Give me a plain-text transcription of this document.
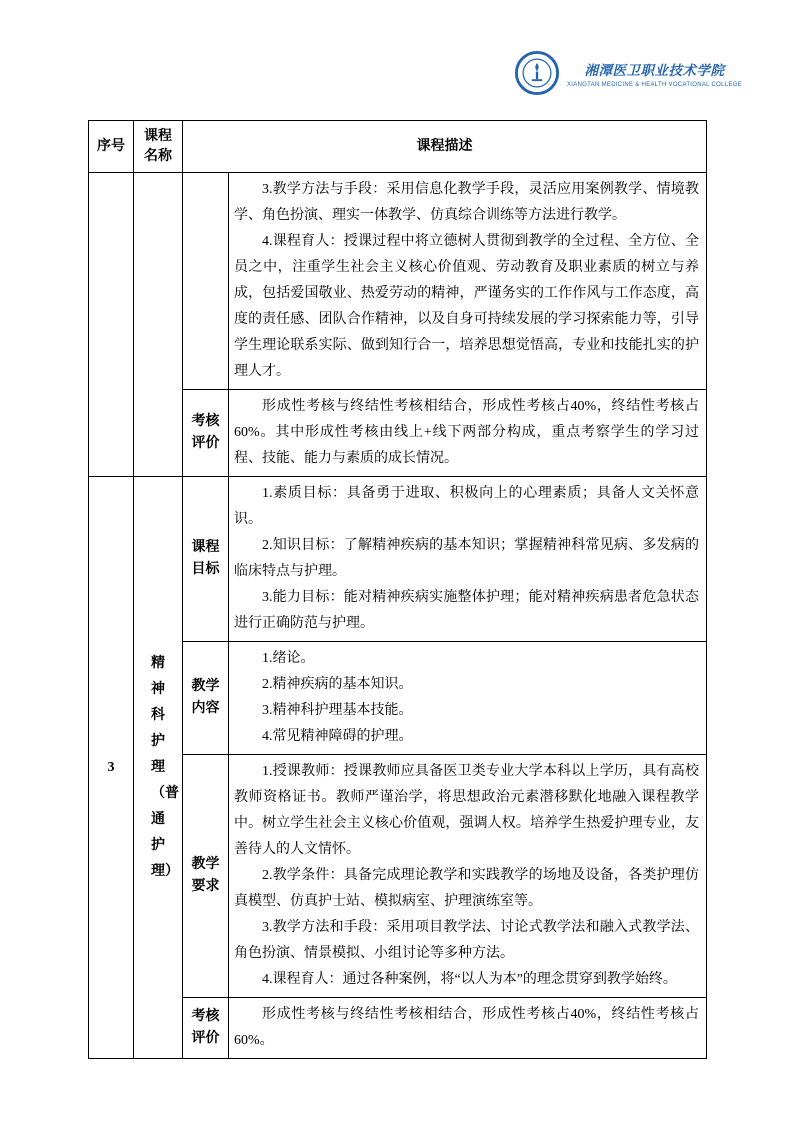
湘潭医卫职业技术学院
XIANGTAN MEDICINE & HEALTH VOCATIONAL COLLEGE
序号	课程名称	课程描述	

			3.教学方法与手段：采用信息化教学手段，灵活应用案例教学、情境教学、角色扮演、理实一体教学、仿真综合训练等方法进行教学。

4.课程育人：授课过程中将立德树人贯彻到教学的全过程、全方位、全员之中，注重学生社会主义核心价值观、劳动教育及职业素质的树立与养成，包括爱国敬业、热爱劳动的精神，严谨务实的工作作风与工作态度，高度的责任感、团队合作精神，以及自身可持续发展的学习探索能力等，引导学生理论联系实际、做到知行合一，培养思想觉悟高，专业和技能扎实的护理人才。

		考核评价	形成性考核与终结性考核相结合，形成性考核占40%，终结性考核占60%。其中形成性考核由线上+线下两部分构成，重点考察学生的学习过程、技能、能力与素质的成长情况。

3	精神科护理（普通护理）	课程目标	1.素质目标：具备勇于进取、积极向上的心理素质；具备人文关怀意识。

2.知识目标：了解精神疾病的基本知识；掌握精神科常见病、多发病的临床特点与护理。

3.能力目标：能对精神疾病实施整体护理；能对精神疾病患者危急状态进行正确防范与护理。

		教学内容	1.绪论。

2.精神疾病的基本知识。

3.精神科护理基本技能。

4.常见精神障碍的护理。

		教学要求	1.授课教师：授课教师应具备医卫类专业大学本科以上学历，具有高校教师资格证书。教师严谨治学，将思想政治元素潜移默化地融入课程教学中。树立学生社会主义核心价值观，强调人权。培养学生热爱护理专业，友善待人的人文情怀。

2.教学条件：具备完成理论教学和实践教学的场地及设备，各类护理仿真模型、仿真护士站、模拟病室、护理演练室等。

3.教学方法和手段：采用项目教学法、讨论式教学法和融入式教学法、角色扮演、情景模拟、小组讨论等多种方法。

4.课程育人：通过各种案例，将“以人为本”的理念贯穿到教学始终。

		考核评价	形成性考核与终结性考核相结合，形成性考核占40%，终结性考核占60%。
